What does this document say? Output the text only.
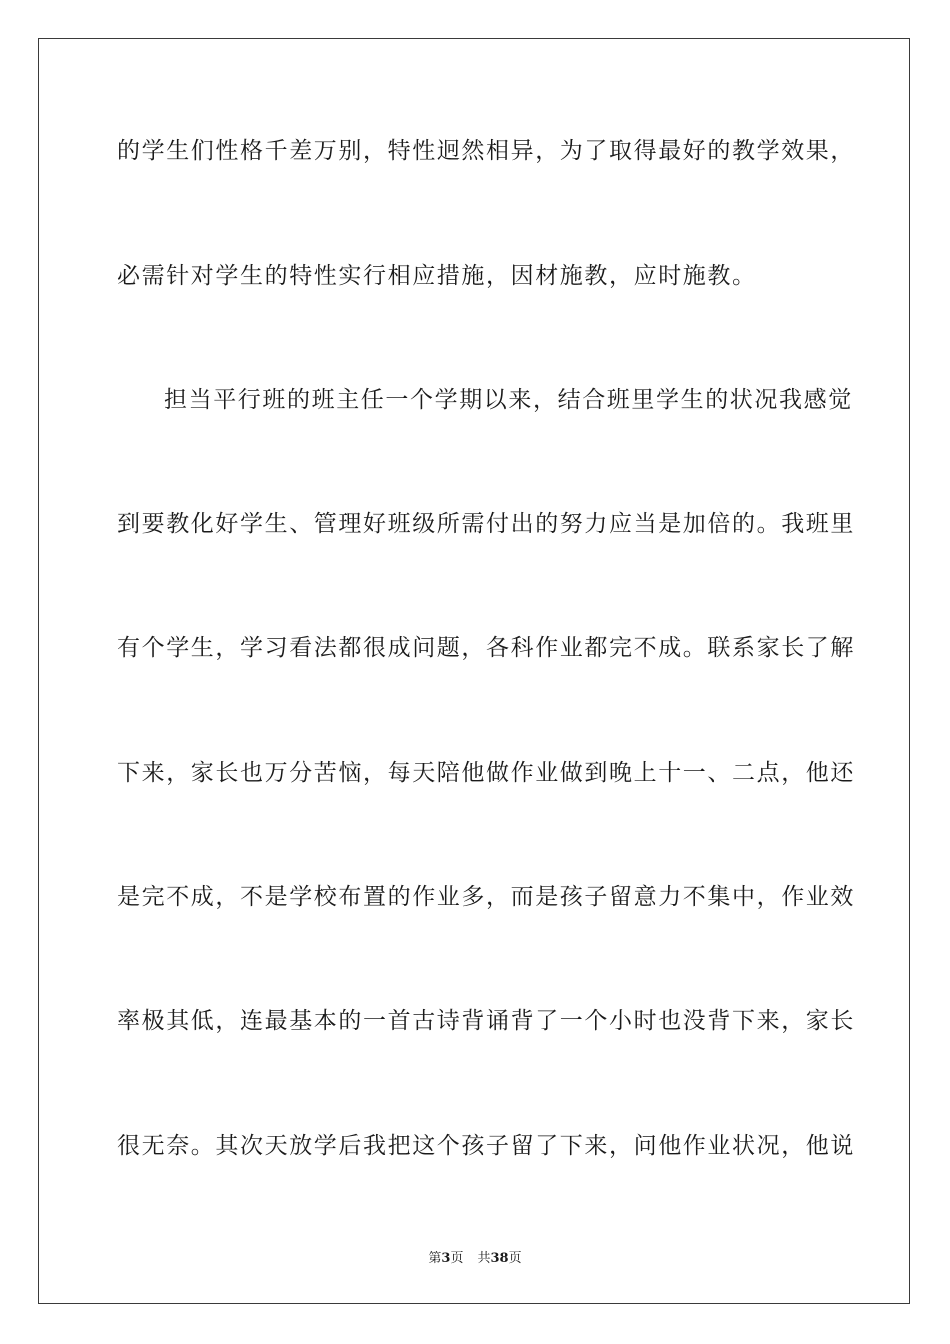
的学生们性格千差万别，特性迥然相异，为了取得最好的教学效果，
必需针对学生的特性实行相应措施，因材施教，应时施教。
担当平行班的班主任一个学期以来，结合班里学生的状况我感觉
到要教化好学生、管理好班级所需付出的努力应当是加倍的。我班里
有个学生，学习看法都很成问题，各科作业都完不成。联系家长了解
下来，家长也万分苦恼，每天陪他做作业做到晚上十一、二点，他还
是完不成，不是学校布置的作业多，而是孩子留意力不集中，作业效
率极其低，连最基本的一首古诗背诵背了一个小时也没背下来，家长
很无奈。其次天放学后我把这个孩子留了下来，问他作业状况，他说
第3页 共38页
